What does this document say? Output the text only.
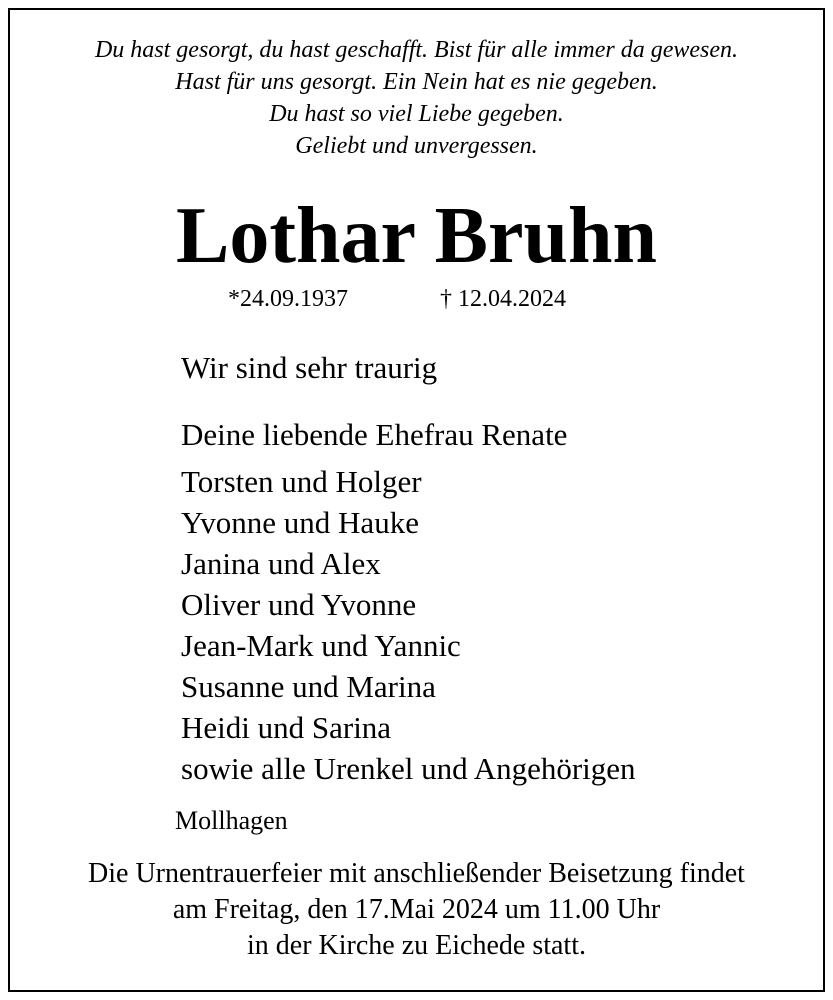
Du hast gesorgt, du hast geschafft. Bist für alle immer da gewesen.
Hast für uns gesorgt. Ein Nein hat es nie gegeben.
Du hast so viel Liebe gegeben.
Geliebt und unvergessen.
Lothar Bruhn
*24.09.1937	† 12.04.2024
Wir sind sehr traurig
Deine liebende Ehefrau Renate
Torsten und Holger
Yvonne und Hauke
Janina und Alex
Oliver und Yvonne
Jean-Mark und Yannic
Susanne und Marina
Heidi und Sarina
sowie alle Urenkel und Angehörigen
Mollhagen
Die Urnentrauerfeier mit anschließender Beisetzung findet
am Freitag, den 17.Mai 2024 um 11.00 Uhr
in der Kirche zu Eichede statt.
